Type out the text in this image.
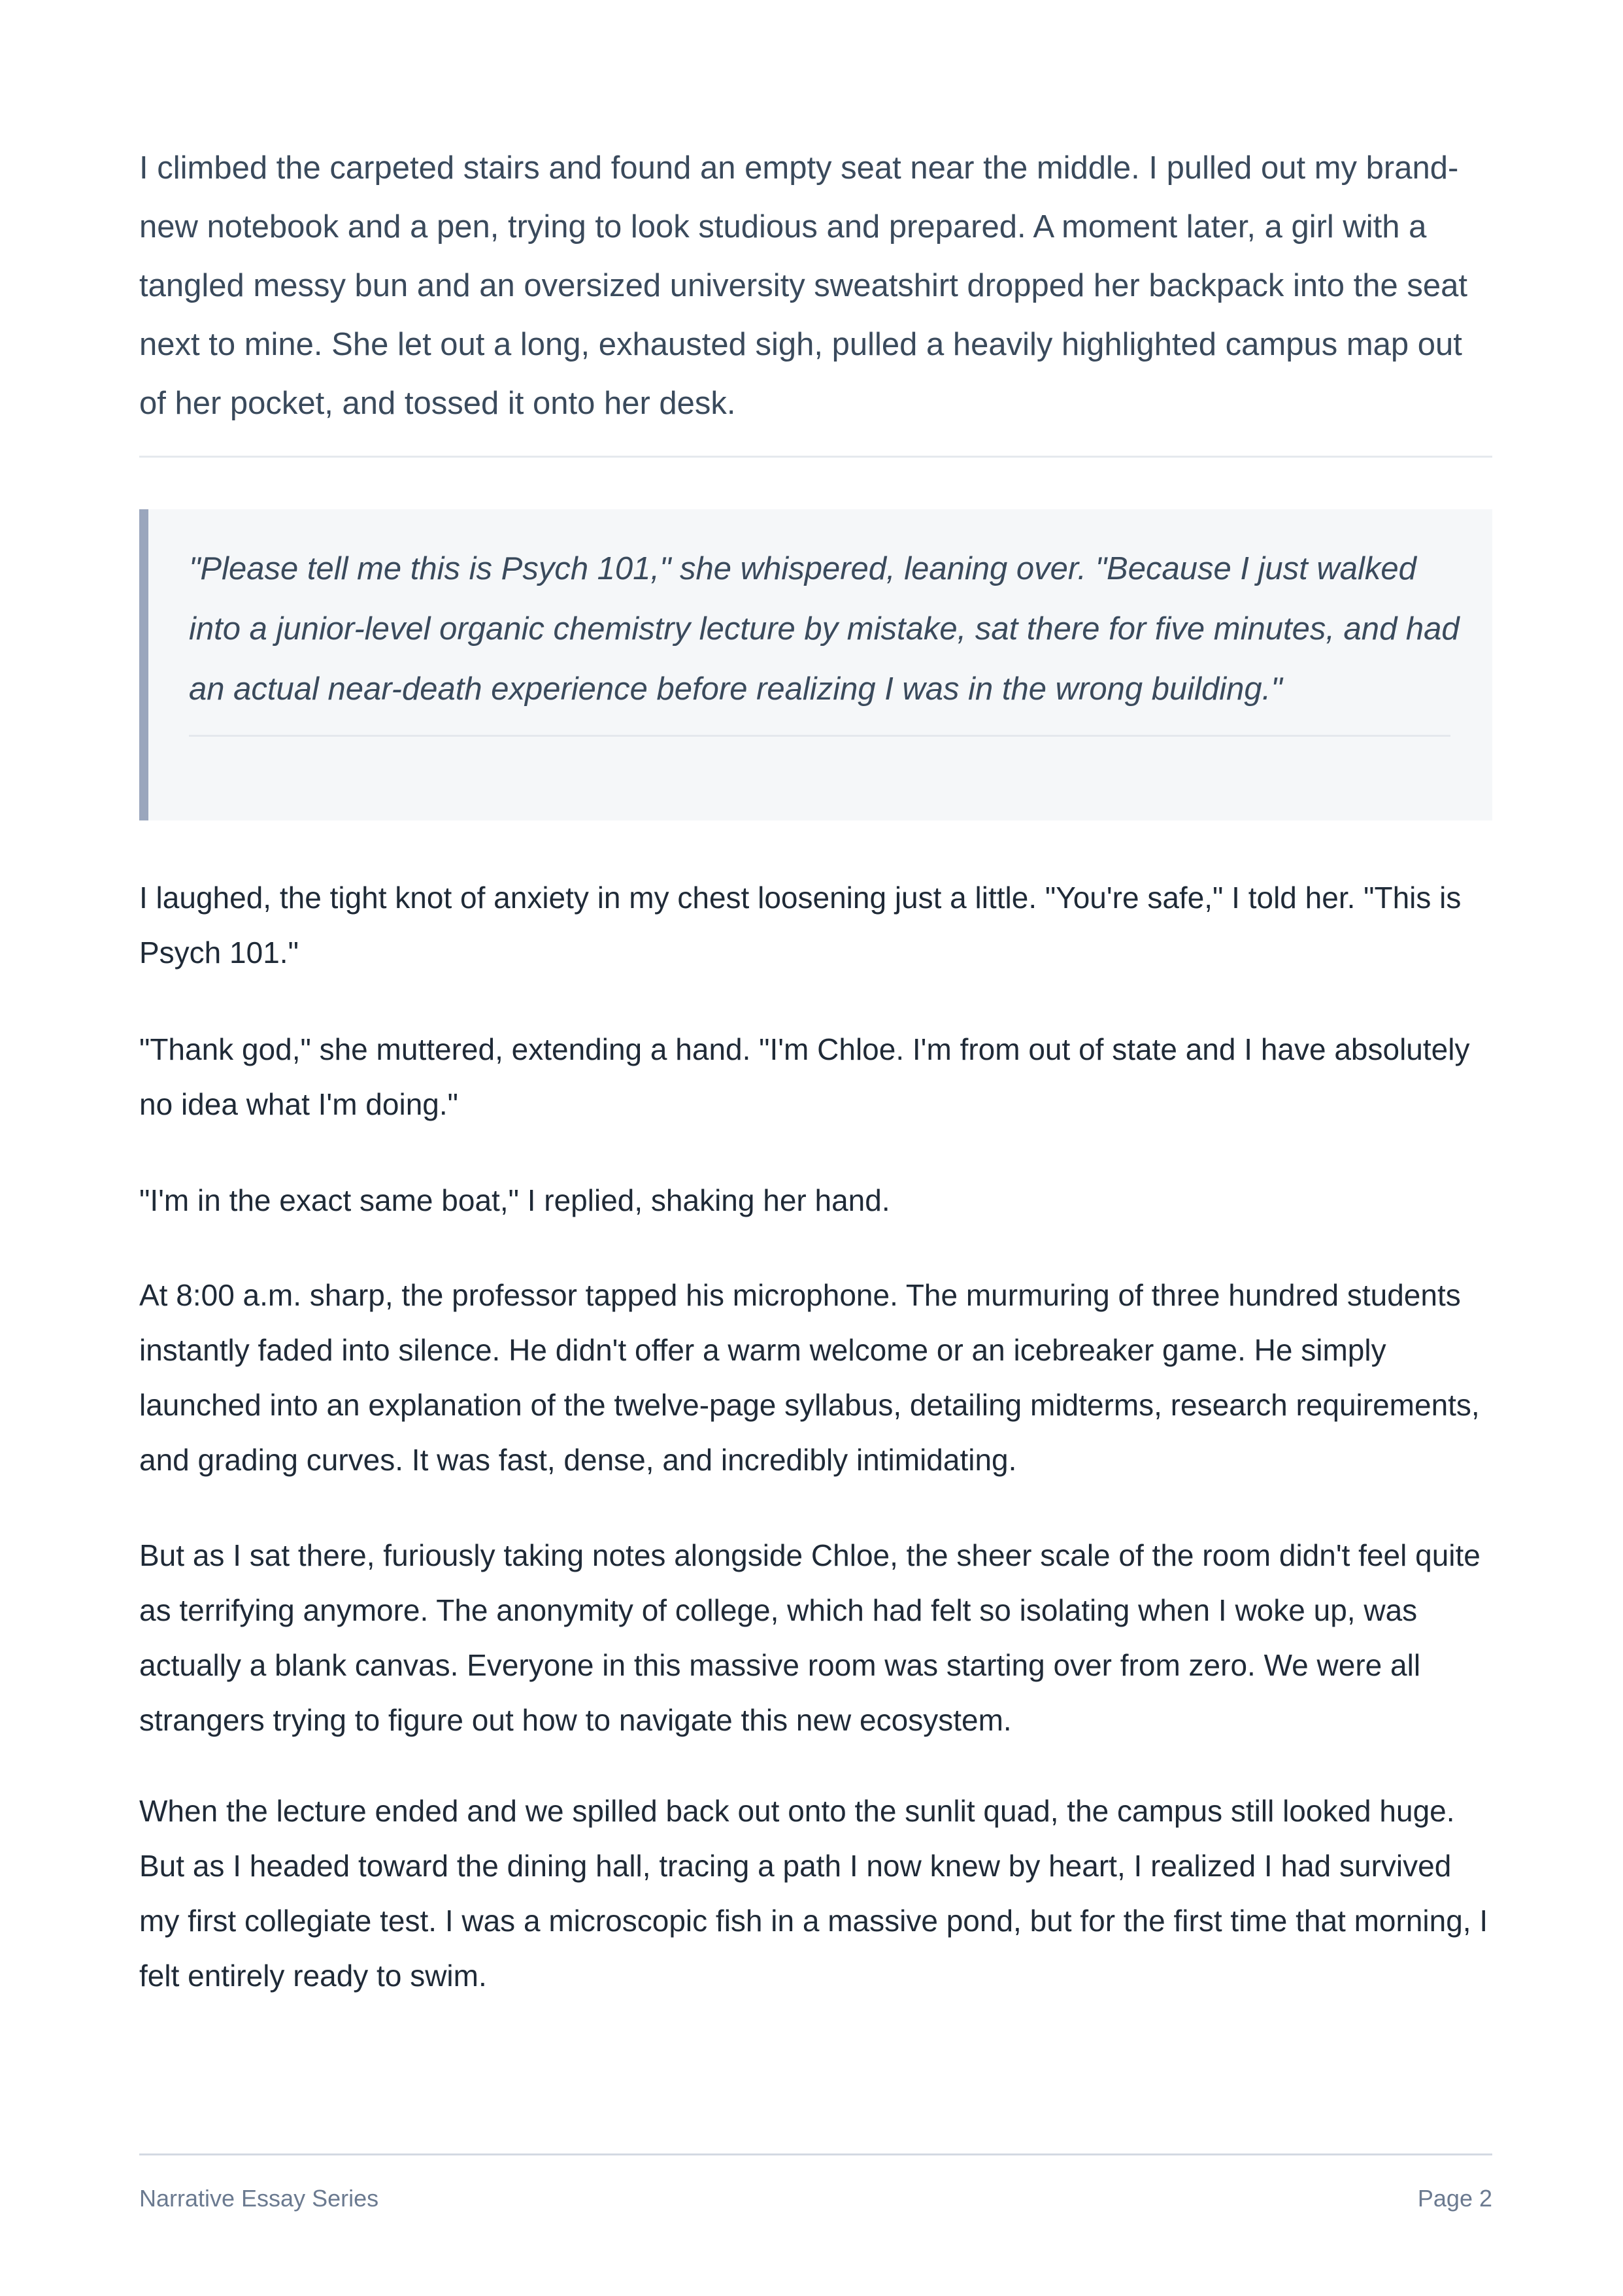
I climbed the carpeted stairs and found an empty seat near the middle. I pulled out my brand-new notebook and a pen, trying to look studious and prepared. A moment later, a girl with a tangled messy bun and an oversized university sweatshirt dropped her backpack into the seat next to mine. She let out a long, exhausted sigh, pulled a heavily highlighted campus map out of her pocket, and tossed it onto her desk.

"Please tell me this is Psych 101," she whispered, leaning over. "Because I just walked into a junior-level organic chemistry lecture by mistake, sat there for five minutes, and had an actual near-death experience before realizing I was in the wrong building."

I laughed, the tight knot of anxiety in my chest loosening just a little. "You're safe," I told her. "This is Psych 101."

"Thank god," she muttered, extending a hand. "I'm Chloe. I'm from out of state and I have absolutely no idea what I'm doing."

"I'm in the exact same boat," I replied, shaking her hand.

At 8:00 a.m. sharp, the professor tapped his microphone. The murmuring of three hundred students instantly faded into silence. He didn't offer a warm welcome or an icebreaker game. He simply launched into an explanation of the twelve-page syllabus, detailing midterms, research requirements, and grading curves. It was fast, dense, and incredibly intimidating.

But as I sat there, furiously taking notes alongside Chloe, the sheer scale of the room didn't feel quite as terrifying anymore. The anonymity of college, which had felt so isolating when I woke up, was actually a blank canvas. Everyone in this massive room was starting over from zero. We were all strangers trying to figure out how to navigate this new ecosystem.

When the lecture ended and we spilled back out onto the sunlit quad, the campus still looked huge. But as I headed toward the dining hall, tracing a path I now knew by heart, I realized I had survived my first collegiate test. I was a microscopic fish in a massive pond, but for the first time that morning, I felt entirely ready to swim.

Narrative Essay Series	Page 2
